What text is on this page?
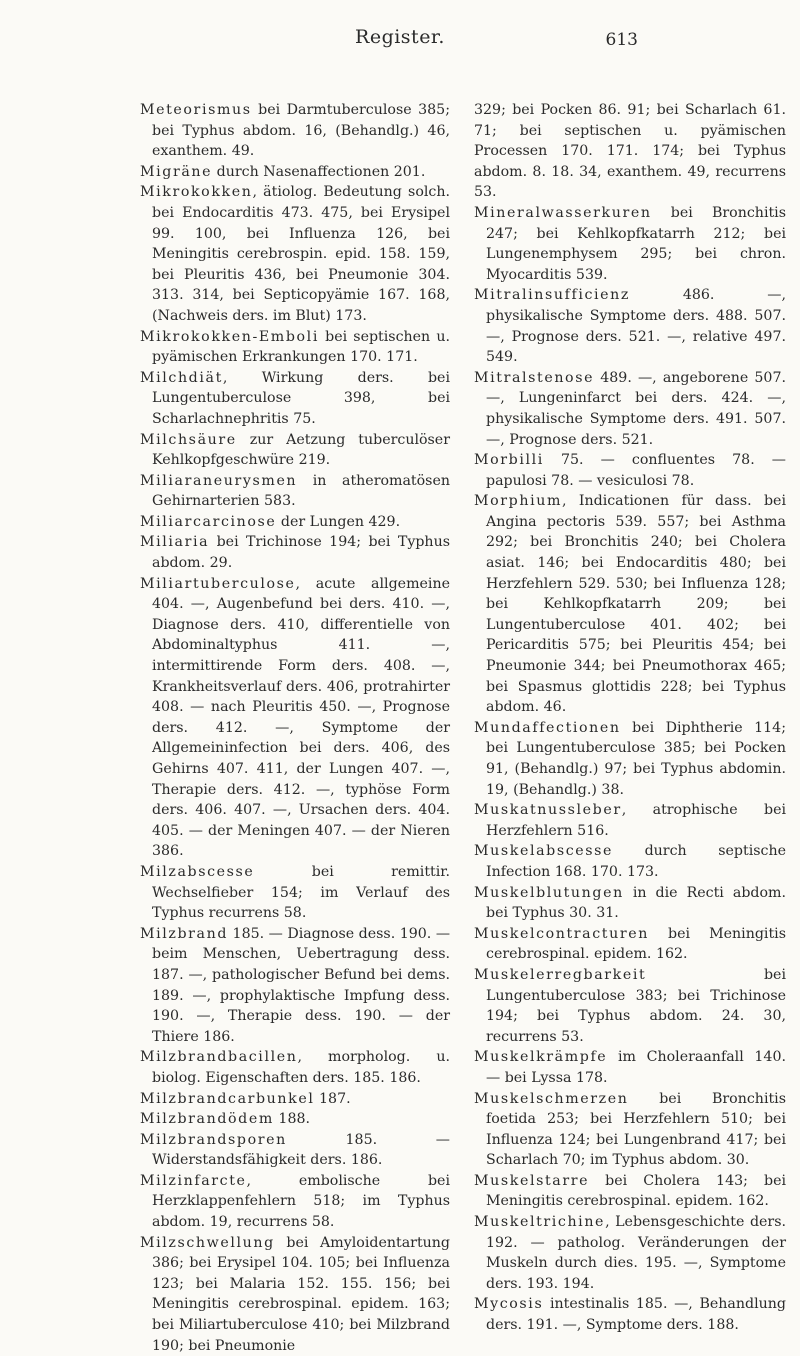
Register.	613

Meteorismus bei Darmtuberculose 385; bei Typhus abdom. 16, (Behandlg.) 46, exanthem. 49.

Migräne durch Nasenaffectionen 201.

Mikrokokken, ätiolog. Bedeutung solch. bei Endocarditis 473. 475, bei Erysipel 99. 100, bei Influenza 126, bei Meningitis cerebrospin. epid. 158. 159, bei Pleuritis 436, bei Pneumonie 304. 313. 314, bei Septicopyämie 167. 168, (Nachweis ders. im Blut) 173.

Mikrokokken-Emboli bei septischen u. pyämischen Erkrankungen 170. 171.

Milchdiät, Wirkung ders. bei Lungentuberculose 398, bei Scharlachnephritis 75.

Milchsäure zur Aetzung tuberculöser Kehlkopfgeschwüre 219.

Miliaraneurysmen in atheromatösen Gehirnarterien 583.

Miliarcarcinose der Lungen 429.

Miliaria bei Trichinose 194; bei Typhus abdom. 29.

Miliartuberculose, acute allgemeine 404. —, Augenbefund bei ders. 410. —, Diagnose ders. 410, differentielle von Abdominaltyphus 411. —, intermittirende Form ders. 408. —, Krankheitsverlauf ders. 406, protrahirter 408. — nach Pleuritis 450. —, Prognose ders. 412. —, Symptome der Allgemeininfection bei ders. 406, des Gehirns 407. 411, der Lungen 407. —, Therapie ders. 412. —, typhöse Form ders. 406. 407. —, Ursachen ders. 404. 405. — der Meningen 407. — der Nieren 386.

Milzabscesse bei remittir. Wechselfieber 154; im Verlauf des Typhus recurrens 58.

Milzbrand 185. — Diagnose dess. 190. — beim Menschen, Uebertragung dess. 187. —, pathologischer Befund bei dems. 189. —, prophylaktische Impfung dess. 190. —, Therapie dess. 190. — der Thiere 186.

Milzbrandbacillen, morpholog. u. biolog. Eigenschaften ders. 185. 186.

Milzbrandcarbunkel 187.

Milzbrandödem 188.

Milzbrandsporen 185. — Widerstandsfähigkeit ders. 186.

Milzinfarcte, embolische bei Herzklappenfehlern 518; im Typhus abdom. 19, recurrens 58.

Milzschwellung bei Amyloidentartung 386; bei Erysipel 104. 105; bei Influenza 123; bei Malaria 152. 155. 156; bei Meningitis cerebrospinal. epidem. 163; bei Miliartuberculose 410; bei Milzbrand 190; bei Pneumonie

329; bei Pocken 86. 91; bei Scharlach 61. 71; bei septischen u. pyämischen Processen 170. 171. 174; bei Typhus abdom. 8. 18. 34, exanthem. 49, recurrens 53.

Mineralwasserkuren bei Bronchitis 247; bei Kehlkopfkatarrh 212; bei Lungenemphysem 295; bei chron. Myocarditis 539.

Mitralinsufficienz 486. —, physikalische Symptome ders. 488. 507. —, Prognose ders. 521. —, relative 497. 549.

Mitralstenose 489. —, angeborene 507. —, Lungeninfarct bei ders. 424. —, physikalische Symptome ders. 491. 507. —, Prognose ders. 521.

Morbilli 75. — confluentes 78. — papulosi 78. — vesiculosi 78.

Morphium, Indicationen für dass. bei Angina pectoris 539. 557; bei Asthma 292; bei Bronchitis 240; bei Cholera asiat. 146; bei Endocarditis 480; bei Herzfehlern 529. 530; bei Influenza 128; bei Kehlkopfkatarrh 209; bei Lungentuberculose 401. 402; bei Pericarditis 575; bei Pleuritis 454; bei Pneumonie 344; bei Pneumothorax 465; bei Spasmus glottidis 228; bei Typhus abdom. 46.

Mundaffectionen bei Diphtherie 114; bei Lungentuberculose 385; bei Pocken 91, (Behandlg.) 97; bei Typhus abdomin. 19, (Behandlg.) 38.

Muskatnussleber, atrophische bei Herzfehlern 516.

Muskelabscesse durch septische Infection 168. 170. 173.

Muskelblutungen in die Recti abdom. bei Typhus 30. 31.

Muskelcontracturen bei Meningitis cerebrospinal. epidem. 162.

Muskelerregbarkeit bei Lungentuberculose 383; bei Trichinose 194; bei Typhus abdom. 24. 30, recurrens 53.

Muskelkrämpfe im Choleraanfall 140. — bei Lyssa 178.

Muskelschmerzen bei Bronchitis foetida 253; bei Herzfehlern 510; bei Influenza 124; bei Lungenbrand 417; bei Scharlach 70; im Typhus abdom. 30.

Muskelstarre bei Cholera 143; bei Meningitis cerebrospinal. epidem. 162.

Muskeltrichine, Lebensgeschichte ders. 192. — patholog. Veränderungen der Muskeln durch dies. 195. —, Symptome ders. 193. 194.

Mycosis intestinalis 185. —, Behandlung ders. 191. —, Symptome ders. 188.
